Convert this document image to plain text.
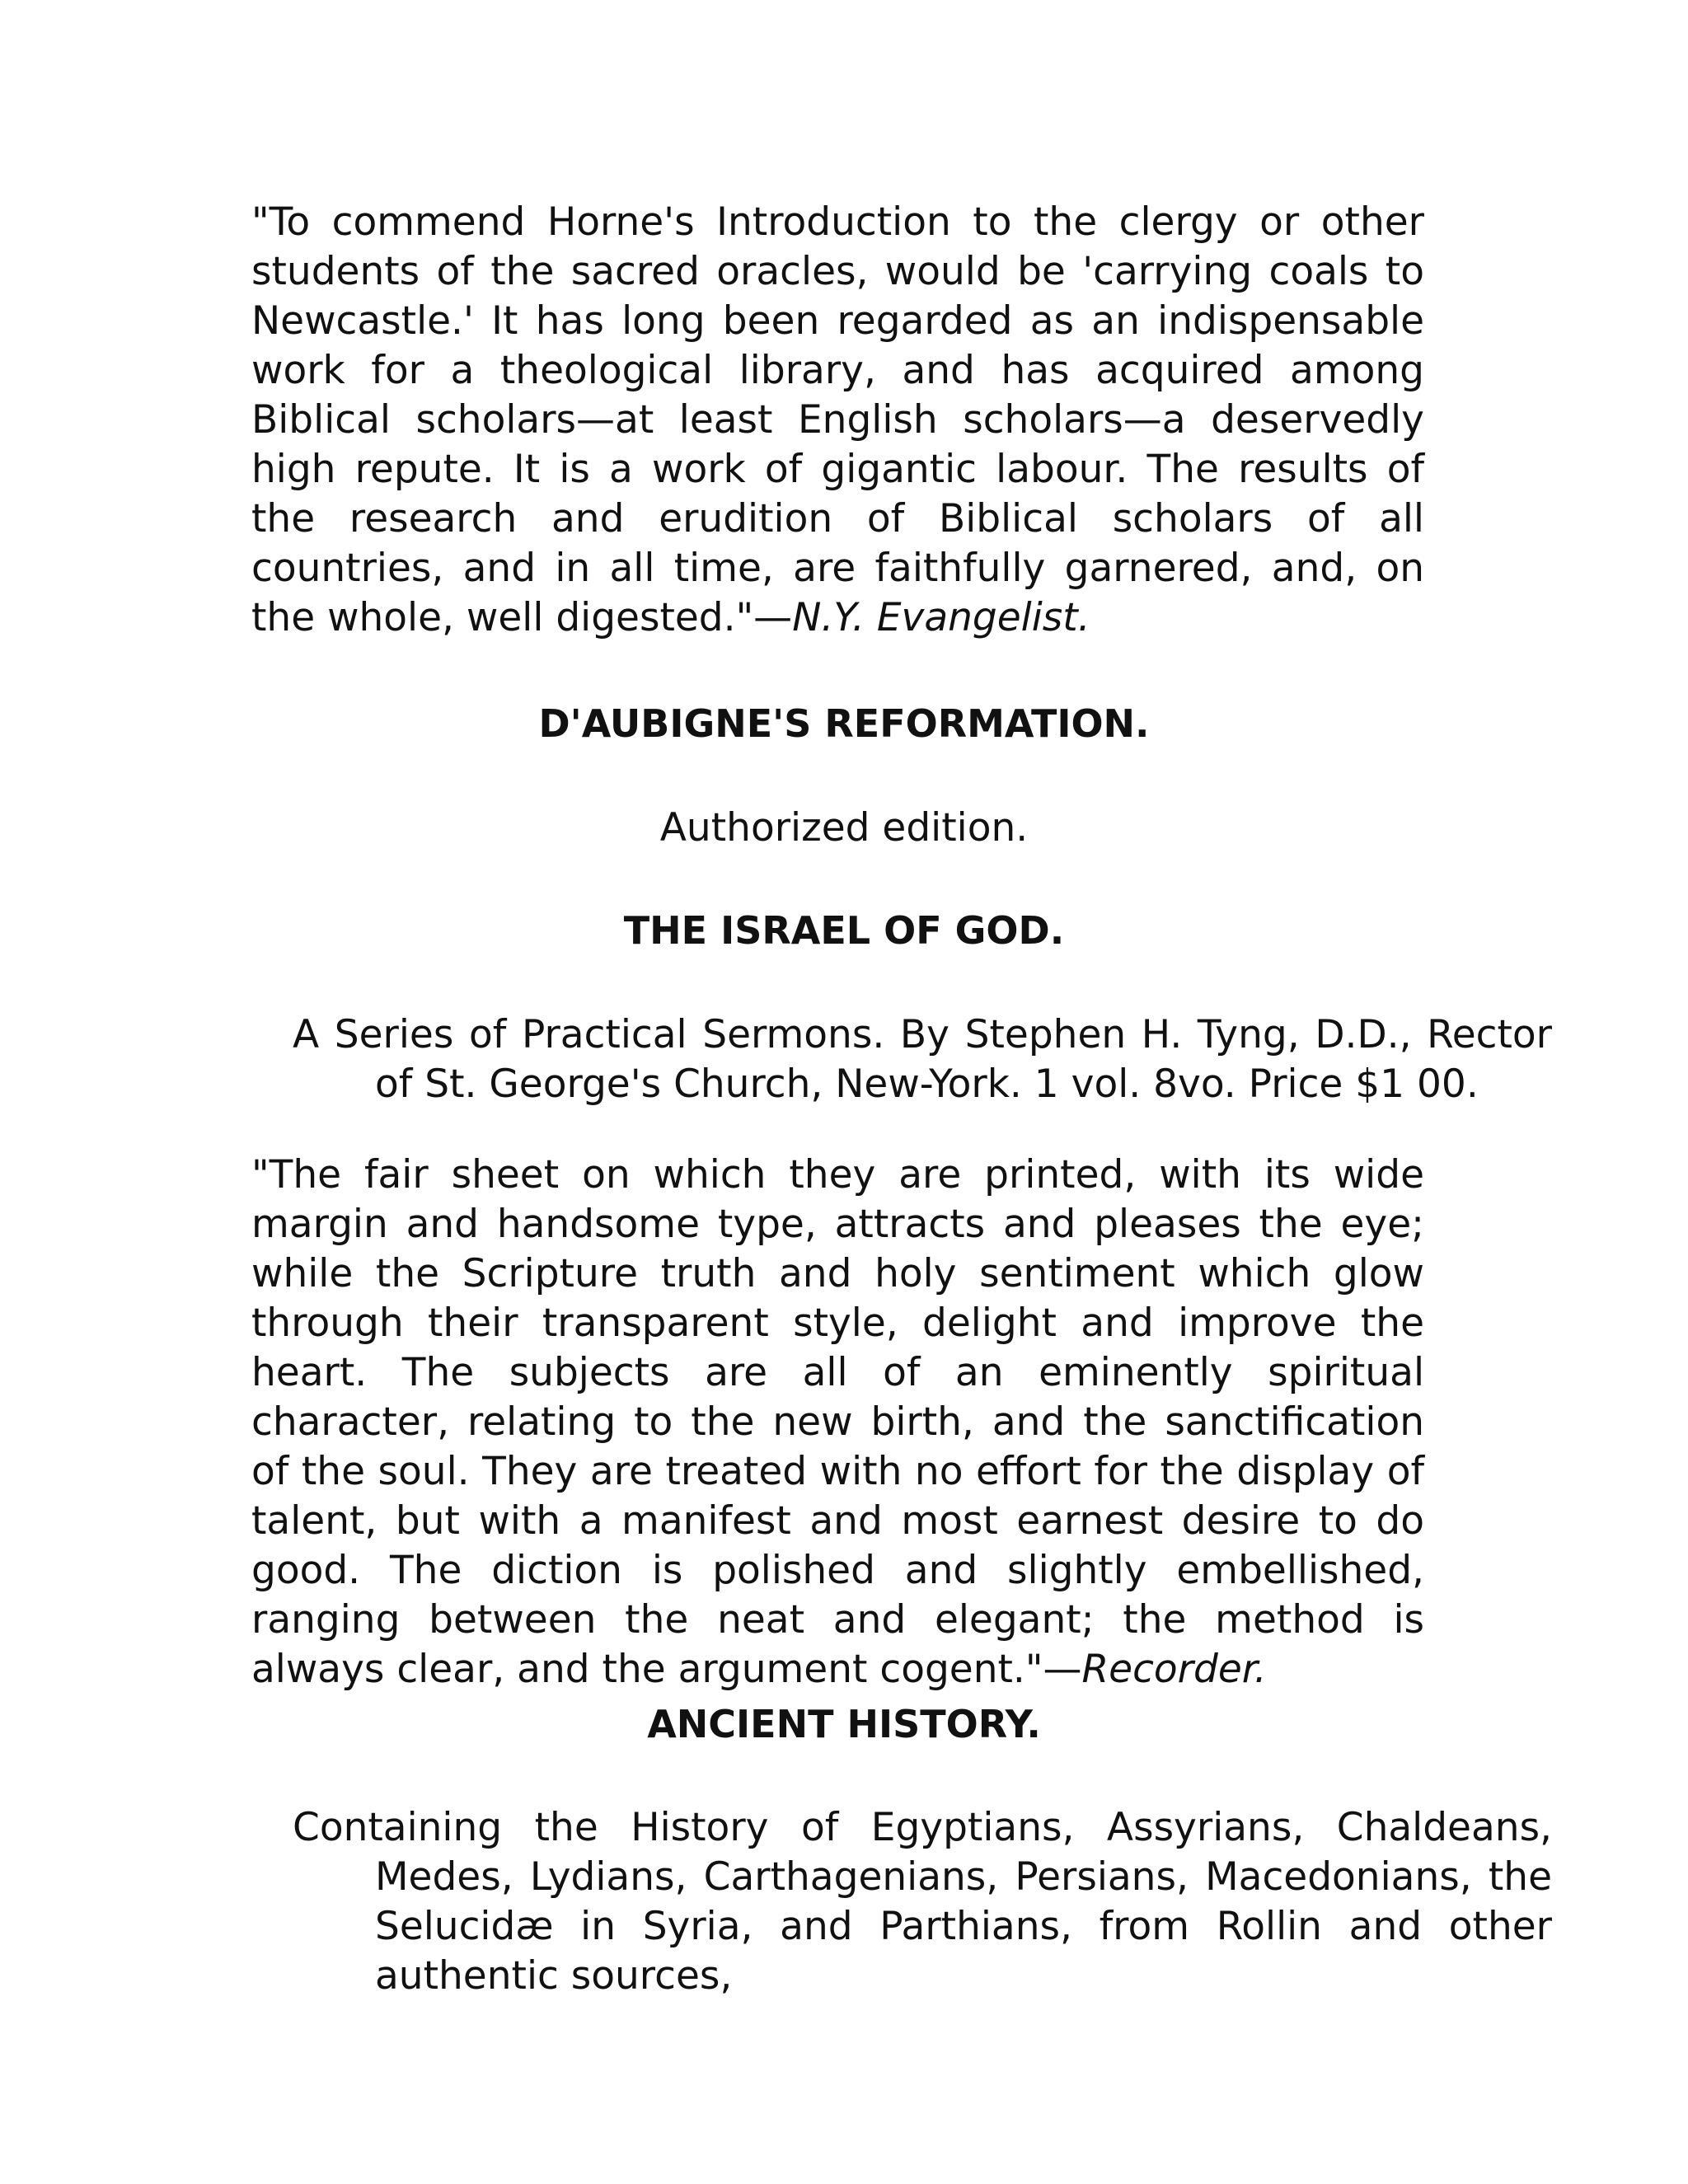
"To commend Horne's Introduction to the clergy or other students of the sacred oracles, would be 'carrying coals to Newcastle.' It has long been regarded as an indispensable work for a theological library, and has acquired among Biblical scholars—at least English scholars—a deservedly high repute. It is a work of gigantic labour. The results of the research and erudition of Biblical scholars of all countries, and in all time, are faithfully garnered, and, on the whole, well digested."—N.Y. Evangelist.

D'AUBIGNE'S REFORMATION.

Authorized edition.

THE ISRAEL OF GOD.

A Series of Practical Sermons. By Stephen H. Tyng, D.D., Rector of St. George's Church, New-York. 1 vol. 8vo. Price $1 00.

"The fair sheet on which they are printed, with its wide margin and handsome type, attracts and pleases the eye; while the Scripture truth and holy sentiment which glow through their transparent style, delight and improve the heart. The subjects are all of an eminently spiritual character, relating to the new birth, and the sanctification of the soul. They are treated with no effort for the display of talent, but with a manifest and most earnest desire to do good. The diction is polished and slightly embellished, ranging between the neat and elegant; the method is always clear, and the argument cogent."—Recorder.

ANCIENT HISTORY.

Containing the History of Egyptians, Assyrians, Chaldeans, Medes, Lydians, Carthagenians, Persians, Macedonians, the Selucidæ in Syria, and Parthians, from Rollin and other authentic sources,
